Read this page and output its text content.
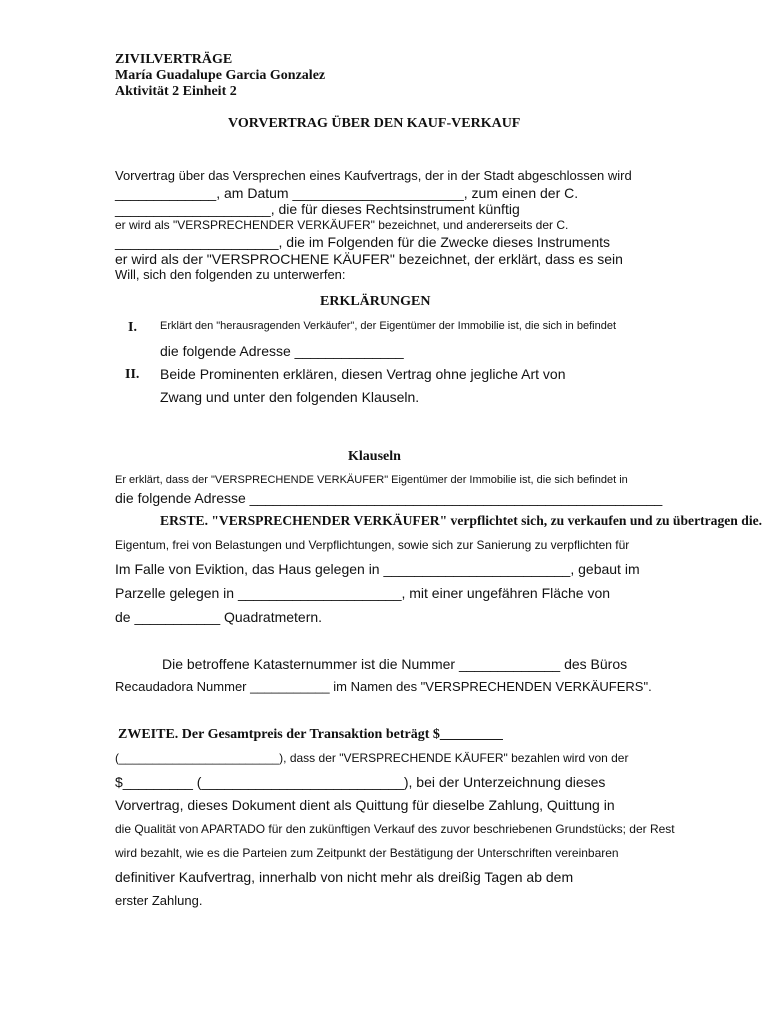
ZIVILVERTRÄGE
María Guadalupe Garcia Gonzalez
Aktivität 2 Einheit 2
VORVERTRAG ÜBER DEN KAUF-VERKAUF
Vorvertrag über das Versprechen eines Kaufvertrags, der in der Stadt abgeschlossen wird
_____________, am Datum ______________________, zum einen der C.
____________________, die für dieses Rechtsinstrument künftig
er wird als "VERSPRECHENDER VERKÄUFER" bezeichnet, und andererseits der C.
_____________________, die im Folgenden für die Zwecke dieses Instruments
er wird als der "VERSPROCHENE KÄUFER" bezeichnet, der erklärt, dass es sein
Will, sich den folgenden zu unterwerfen:
ERKLÄRUNGEN
I. Erklärt den "herausragenden Verkäufer", der Eigentümer der Immobilie ist, die sich in befindet
die folgende Adresse ______________
II. Beide Prominenten erklären, diesen Vertrag ohne jegliche Art von
Zwang und unter den folgenden Klauseln.
Klauseln
Er erklärt, dass der "VERSPRECHENDE VERKÄUFER" Eigentümer der Immobilie ist, die sich befindet in
die folgende Adresse _____________________________________________________
ERSTE. "VERSPRECHENDER VERKÄUFER" verpflichtet sich, zu verkaufen und zu übertragen die.
Eigentum, frei von Belastungen und Verpflichtungen, sowie sich zur Sanierung zu verpflichten für
Im Falle von Eviktion, das Haus gelegen in ________________________, gebaut im
Parzelle gelegen in _____________________, mit einer ungefähren Fläche von
de ___________ Quadratmetern.
Die betroffene Katasternummer ist die Nummer _____________ des Büros
Recaudadora Nummer ___________ im Namen des "VERSPRECHENDEN VERKÄUFERS".
ZWEITE. Der Gesamtpreis der Transaktion beträgt $_________
(________________________), dass der "VERSPRECHENDE KÄUFER" bezahlen wird von der
$_________ (__________________________), bei der Unterzeichnung dieses
Vorvertrag, dieses Dokument dient als Quittung für dieselbe Zahlung, Quittung in
die Qualität von APARTADO für den zukünftigen Verkauf des zuvor beschriebenen Grundstücks; der Rest
wird bezahlt, wie es die Parteien zum Zeitpunkt der Bestätigung der Unterschriften vereinbaren
definitiver Kaufvertrag, innerhalb von nicht mehr als dreißig Tagen ab dem
erster Zahlung.
